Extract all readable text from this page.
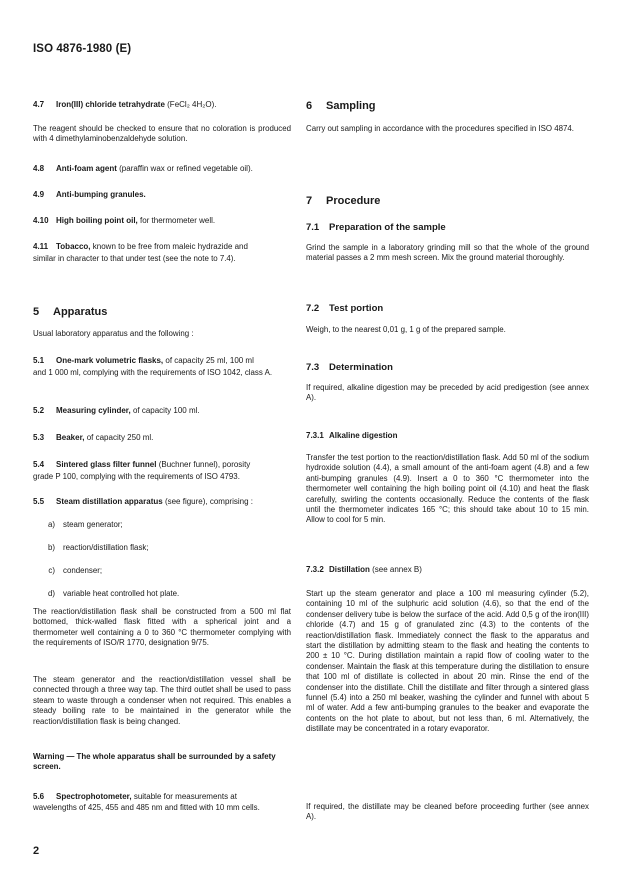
ISO 4876-1980 (E)
4.7 Iron(III) chloride tetrahydrate (FeCl₂ 4H₂O).
The reagent should be checked to ensure that no coloration is produced with 4 dimethylaminobenzaldehyde solution.
4.8 Anti-foam agent (paraffin wax or refined vegetable oil).
4.9 Anti-bumping granules.
4.10 High boiling point oil, for thermometer well.
4.11 Tobacco, known to be free from maleic hydrazide and
similar in character to that under test (see the note to 7.4).
5 Apparatus
Usual laboratory apparatus and the following :
5.1 One-mark volumetric flasks, of capacity 25 ml, 100 ml
and 1 000 ml, complying with the requirements of ISO 1042, class A.
5.2 Measuring cylinder, of capacity 100 ml.
5.3 Beaker, of capacity 250 ml.
5.4 Sintered glass filter funnel (Buchner funnel), porosity
grade P 100, complying with the requirements of ISO 4793.
5.5 Steam distillation apparatus (see figure), comprising :
a) steam generator;
b) reaction/distillation flask;
c) condenser;
d) variable heat controlled hot plate.
The reaction/distillation flask shall be constructed from a 500 ml flat bottomed, thick-walled flask fitted with a spherical joint and a thermometer well containing a 0 to 360 °C thermometer complying with the requirements of ISO/R 1770, designation 9/75.
The steam generator and the reaction/distillation vessel shall be connected through a three way tap. The third outlet shall be used to pass steam to waste through a condenser when not required. This enables a steady boiling rate to be maintained in the generator while the reaction/distillation flask is being changed.
Warning — The whole apparatus shall be surrounded by a safety screen.
5.6 Spectrophotometer, suitable for measurements at
wavelengths of 425, 455 and 485 nm and fitted with 10 mm cells.
6 Sampling
Carry out sampling in accordance with the procedures specified in ISO 4874.
7 Procedure
7.1 Preparation of the sample
Grind the sample in a laboratory grinding mill so that the whole of the ground material passes a 2 mm mesh screen. Mix the ground material thoroughly.
7.2 Test portion
Weigh, to the nearest 0,01 g, 1 g of the prepared sample.
7.3 Determination
If required, alkaline digestion may be preceded by acid predigestion (see annex A).
7.3.1 Alkaline digestion
Transfer the test portion to the reaction/distillation flask. Add 50 ml of the sodium hydroxide solution (4.4), a small amount of the anti-foam agent (4.8) and a few anti-bumping granules (4.9). Insert a 0 to 360 °C thermometer into the thermometer well containing the high boiling point oil (4.10) and heat the flask carefully, swirling the contents occasionally. Reduce the contents of the flask until the thermometer indicates 165 °C; this should take about 10 to 15 min. Allow to cool for 5 min.
7.3.2 Distillation (see annex B)
Start up the steam generator and place a 100 ml measuring cylinder (5.2), containing 10 ml of the sulphuric acid solution (4.6), so that the end of the condenser delivery tube is below the surface of the acid. Add 0,5 g of the iron(III) chloride (4.7) and 15 g of granulated zinc (4.3) to the contents of the reaction/distillation flask. Immediately connect the flask to the apparatus and start the distillation by admitting steam to the flask and heating the contents to 200 ± 10 °C. During distillation maintain a rapid flow of cooling water to the condenser. Maintain the flask at this temperature during the distillation to ensure that 100 ml of distillate is collected in about 20 min. Rinse the end of the condenser into the distillate. Chill the distillate and filter through a sintered glass funnel (5.4) into a 250 ml beaker, washing the cylinder and funnel with about 5 ml of water. Add a few anti-bumping granules to the beaker and evaporate the contents on the hot plate to about, but not less than, 6 ml. Alternatively, the distillate may be concentrated in a rotary evaporator.
If required, the distillate may be cleaned before proceeding further (see annex A).
2
